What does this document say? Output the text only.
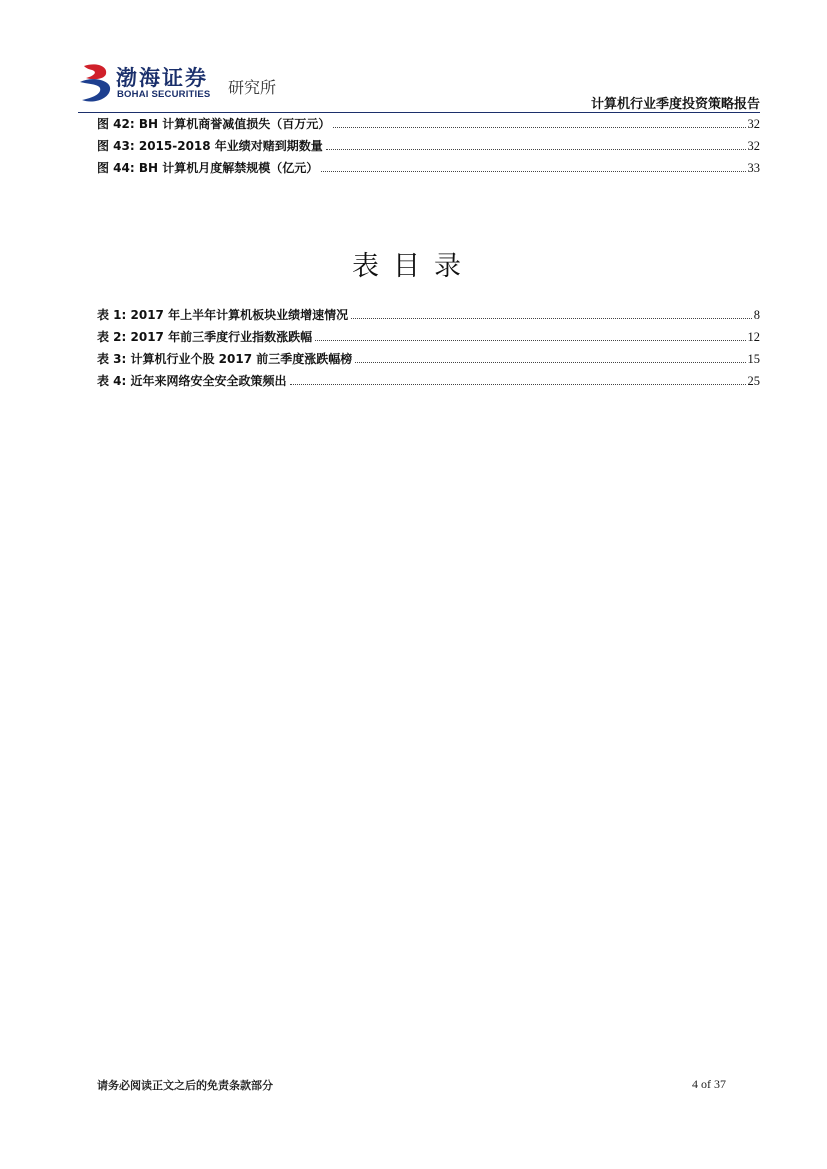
渤海证券
BOHAI SECURITIES 研究所
计算机行业季度投资策略报告
图 42: BH 计算机商誉减值损失（百万元）	32
图 43: 2015-2018 年业绩对赌到期数量	32
图 44: BH 计算机月度解禁规模（亿元）	33
表目录
表 1: 2017 年上半年计算机板块业绩增速情况	8
表 2: 2017 年前三季度行业指数涨跌幅	12
表 3: 计算机行业个股 2017 前三季度涨跌幅榜	15
表 4: 近年来网络安全安全政策频出	25
请务必阅读正文之后的免责条款部分	4 of 37
